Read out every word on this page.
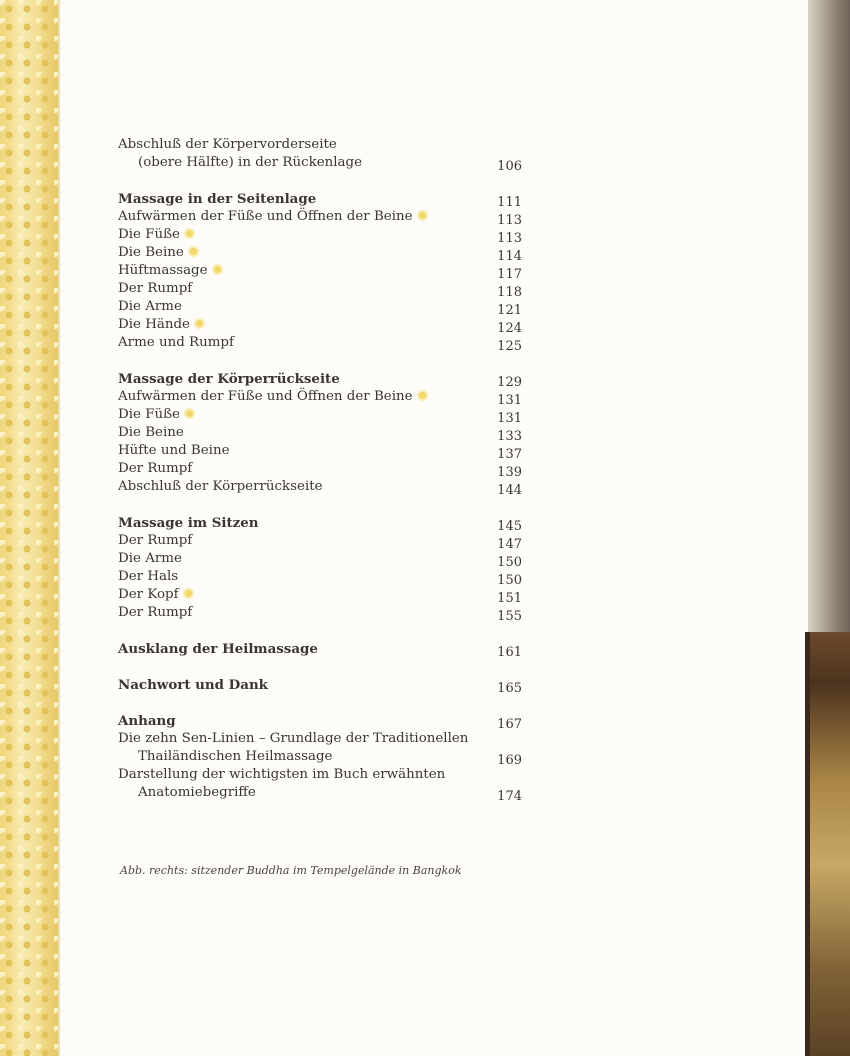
Abschluß der Körpervorderseite
(obere Hälfte) in der Rückenlage	106
Massage in der Seitenlage	111
Aufwärmen der Füße und Öffnen der Beine	113
Die Füße	113
Die Beine	114
Hüftmassage	117
Der Rumpf	118
Die Arme	121
Die Hände	124
Arme und Rumpf	125
Massage der Körperrückseite	129
Aufwärmen der Füße und Öffnen der Beine	131
Die Füße	131
Die Beine	133
Hüfte und Beine	137
Der Rumpf	139
Abschluß der Körperrückseite	144
Massage im Sitzen	145
Der Rumpf	147
Die Arme	150
Der Hals	150
Der Kopf	151
Der Rumpf	155
Ausklang der Heilmassage	161
Nachwort und Dank	165
Anhang	167
Die zehn Sen-Linien – Grundlage der Traditionellen
Thailändischen Heilmassage	169
Darstellung der wichtigsten im Buch erwähnten
Anatomiebegriffe	174
Abb. rechts: sitzender Buddha im Tempelgelände in Bangkok
